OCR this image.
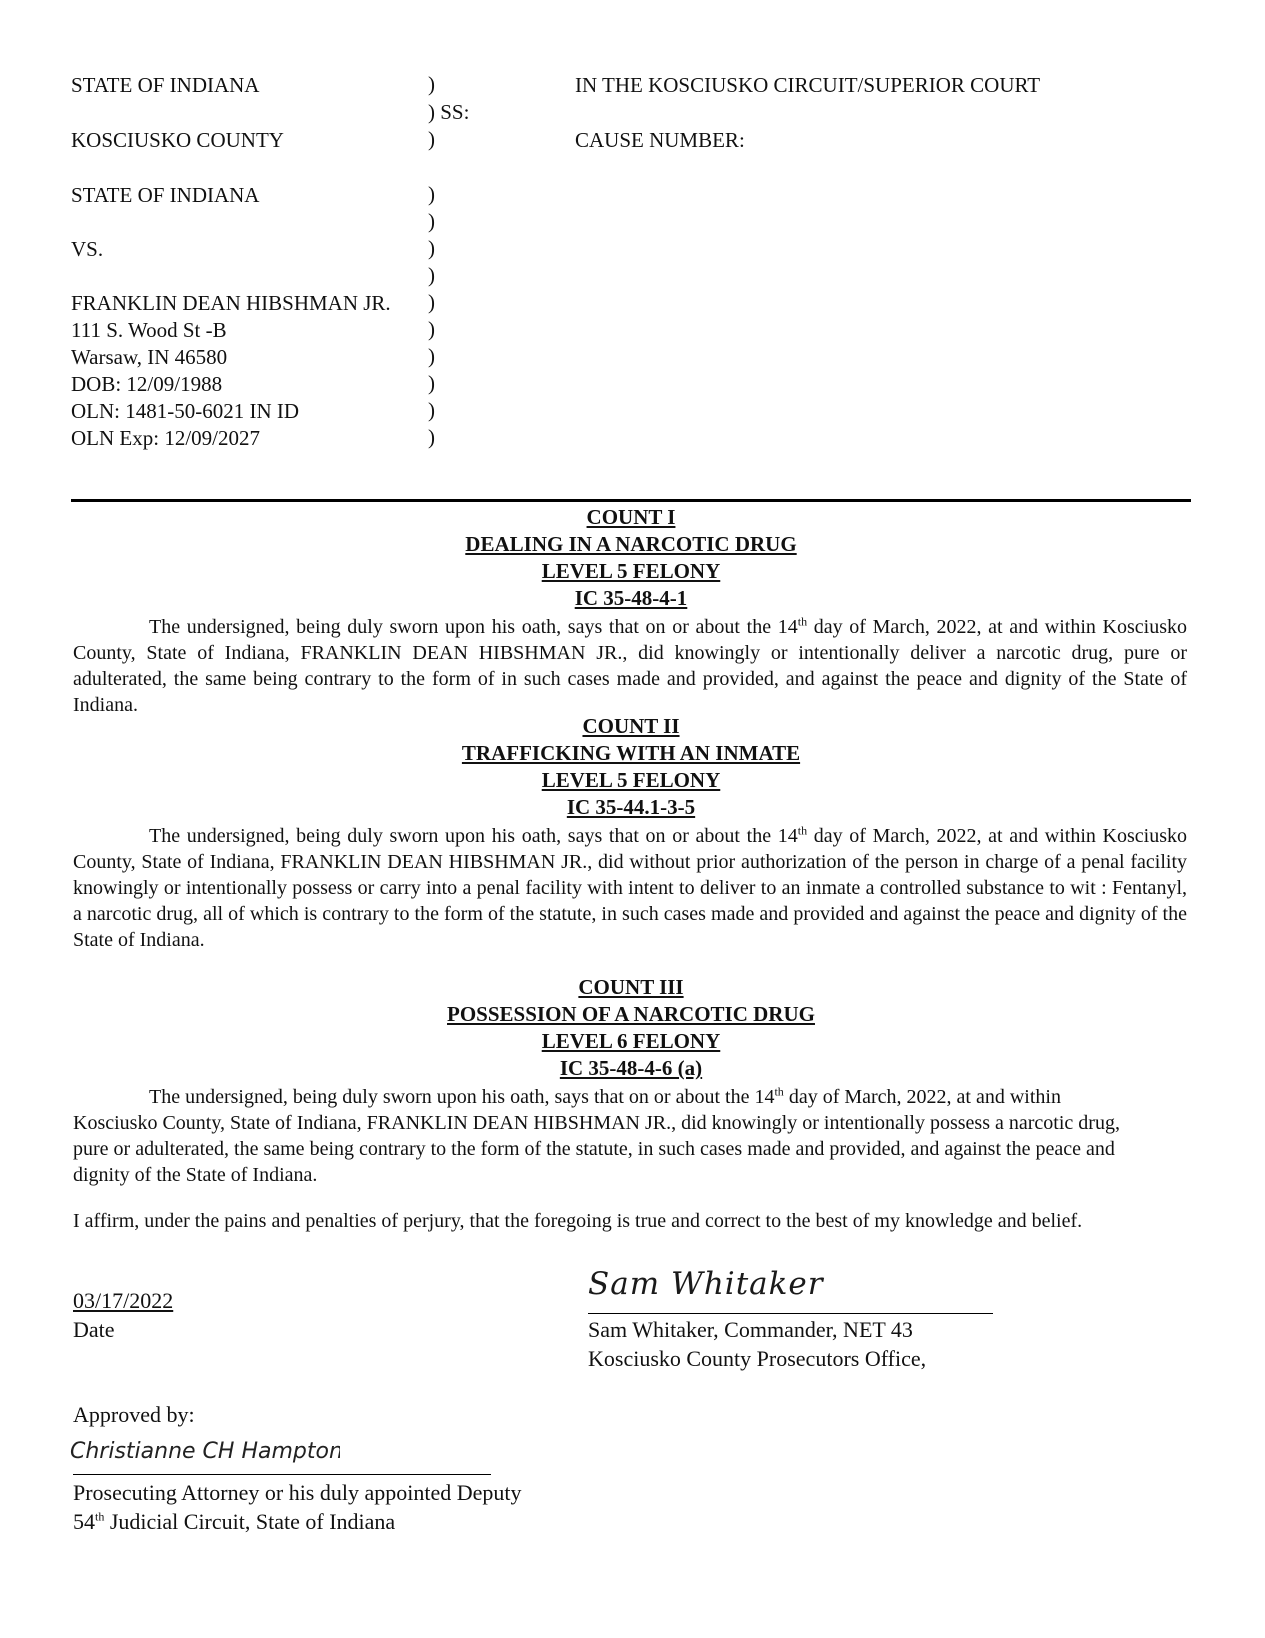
STATE OF INDIANA	)	IN THE KOSCIUSKO CIRCUIT/SUPERIOR COURT
) SS:
KOSCIUSKO COUNTY	)	CAUSE NUMBER:
STATE OF INDIANA	)
)
VS.	)
)
FRANKLIN DEAN HIBSHMAN JR. )
111 S. Wood St -B	)
Warsaw, IN 46580	)
DOB: 12/09/1988	)
OLN: 1481-50-6021 IN ID	)
OLN Exp: 12/09/2027	)
COUNT I
DEALING IN A NARCOTIC DRUG
LEVEL 5 FELONY
IC 35-48-4-1
The undersigned, being duly sworn upon his oath, says that on or about the 14th day of March, 2022, at and within Kosciusko County, State of Indiana, FRANKLIN DEAN HIBSHMAN JR., did knowingly or intentionally deliver a narcotic drug, pure or adulterated, the same being contrary to the form of in such cases made and provided, and against the peace and dignity of the State of Indiana.
COUNT II
TRAFFICKING WITH AN INMATE
LEVEL 5 FELONY
IC 35-44.1-3-5
The undersigned, being duly sworn upon his oath, says that on or about the 14th day of March, 2022, at and within Kosciusko County, State of Indiana, FRANKLIN DEAN HIBSHMAN JR., did without prior authorization of the person in charge of a penal facility knowingly or intentionally possess or carry into a penal facility with intent to deliver to an inmate a controlled substance to wit : Fentanyl, a narcotic drug, all of which is contrary to the form of the statute, in such cases made and provided and against the peace and dignity of the State of Indiana.
COUNT III
POSSESSION OF A NARCOTIC DRUG
LEVEL 6 FELONY
IC 35-48-4-6 (a)
The undersigned, being duly sworn upon his oath, says that on or about the 14th day of March, 2022, at and within Kosciusko County, State of Indiana, FRANKLIN DEAN HIBSHMAN JR., did knowingly or intentionally possess a narcotic drug, pure or adulterated, the same being contrary to the form of the statute, in such cases made and provided, and against the peace and dignity of the State of Indiana.
I affirm, under the pains and penalties of perjury, that the foregoing is true and correct to the best of my knowledge and belief.
Sam Whitaker
Sam Whitaker, Commander, NET 43
Kosciusko County Prosecutors Office,
03/17/2022
Date
Approved by:
Christianne CH Hampton
Prosecuting Attorney or his duly appointed Deputy
54th Judicial Circuit, State of Indiana
